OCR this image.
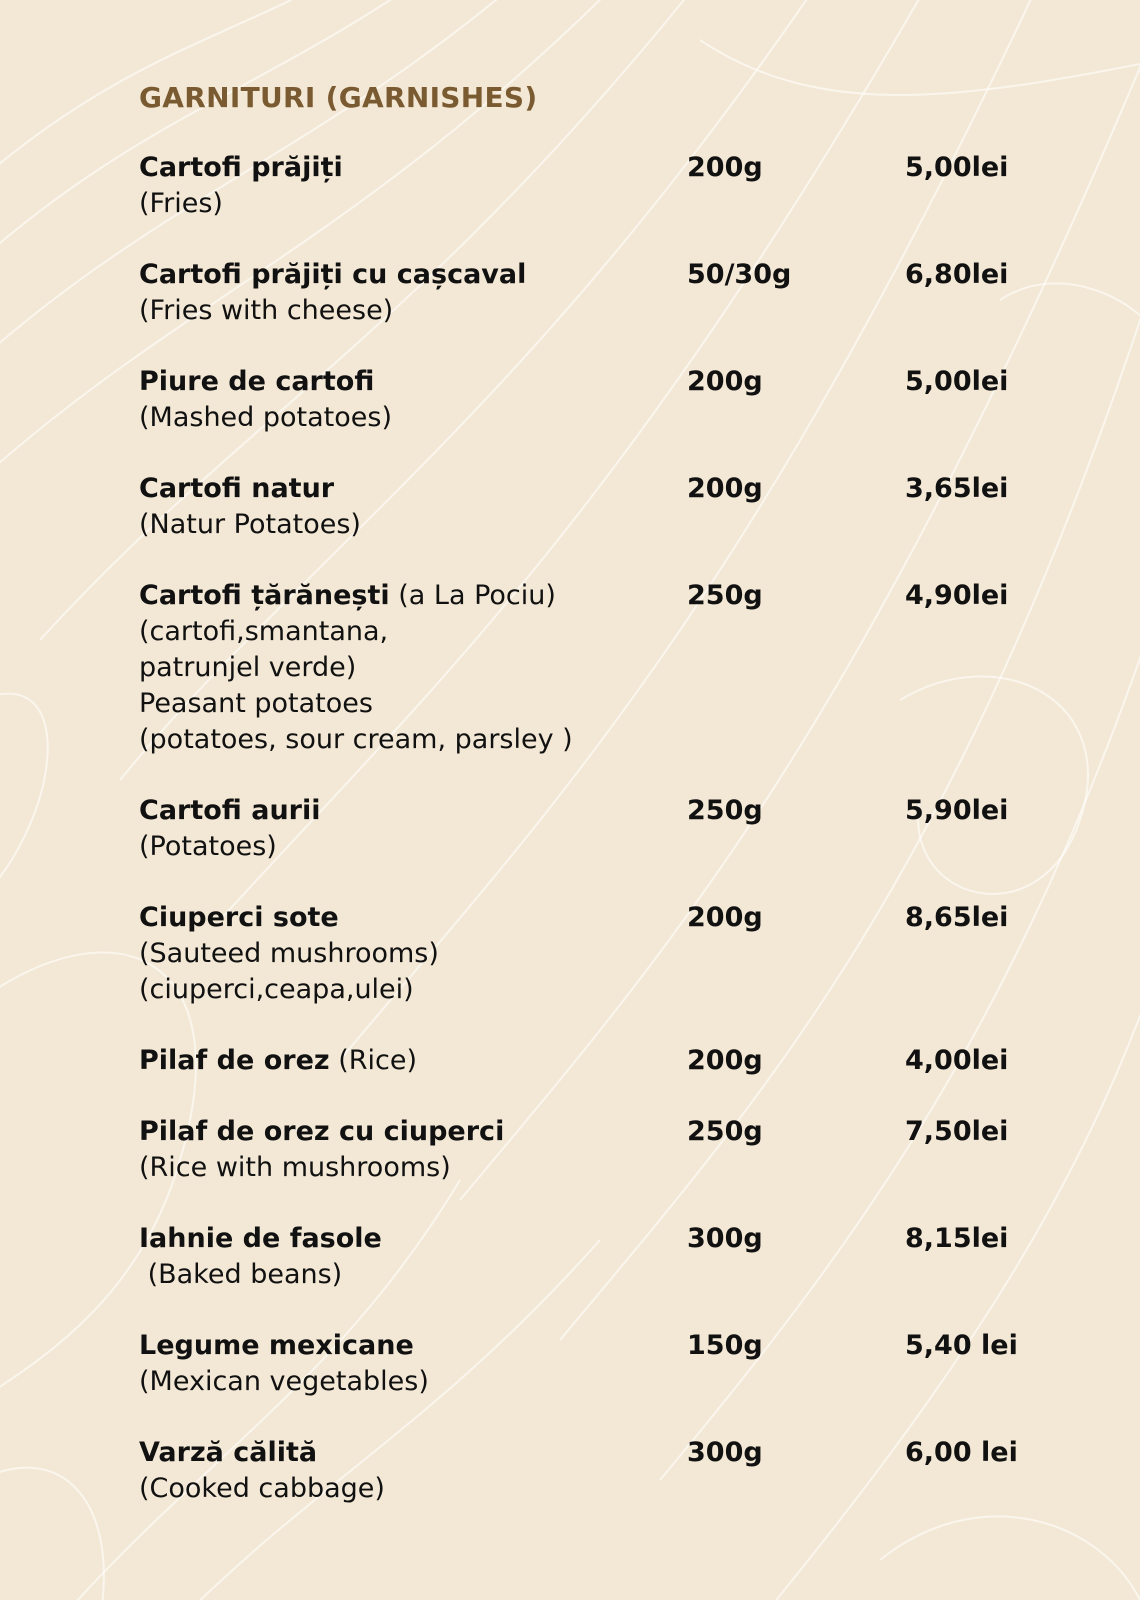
GARNITURI (GARNISHES)
Cartofi prăjiți
(Fries)
200g	5,00lei
Cartofi prăjiți cu cașcaval
(Fries with cheese)
50/30g	6,80lei
Piure de cartofi
(Mashed potatoes)
200g	5,00lei
Cartofi natur
(Natur Potatoes)
200g	3,65lei
Cartofi țărănești (a La Pociu)
(cartofi,smantana,
patrunjel verde)
Peasant potatoes
(potatoes, sour cream, parsley )
250g	4,90lei
Cartofi aurii
(Potatoes)
250g	5,90lei
Ciuperci sote
(Sauteed mushrooms)
(ciuperci,ceapa,ulei)
200g	8,65lei
Pilaf de orez (Rice)	200g	4,00lei
Pilaf de orez cu ciuperci
(Rice with mushrooms)
250g	7,50lei
Iahnie de fasole
(Baked beans)
300g	8,15lei
Legume mexicane
(Mexican vegetables)
150g	5,40 lei
Varză călită
(Cooked cabbage)
300g	6,00 lei
